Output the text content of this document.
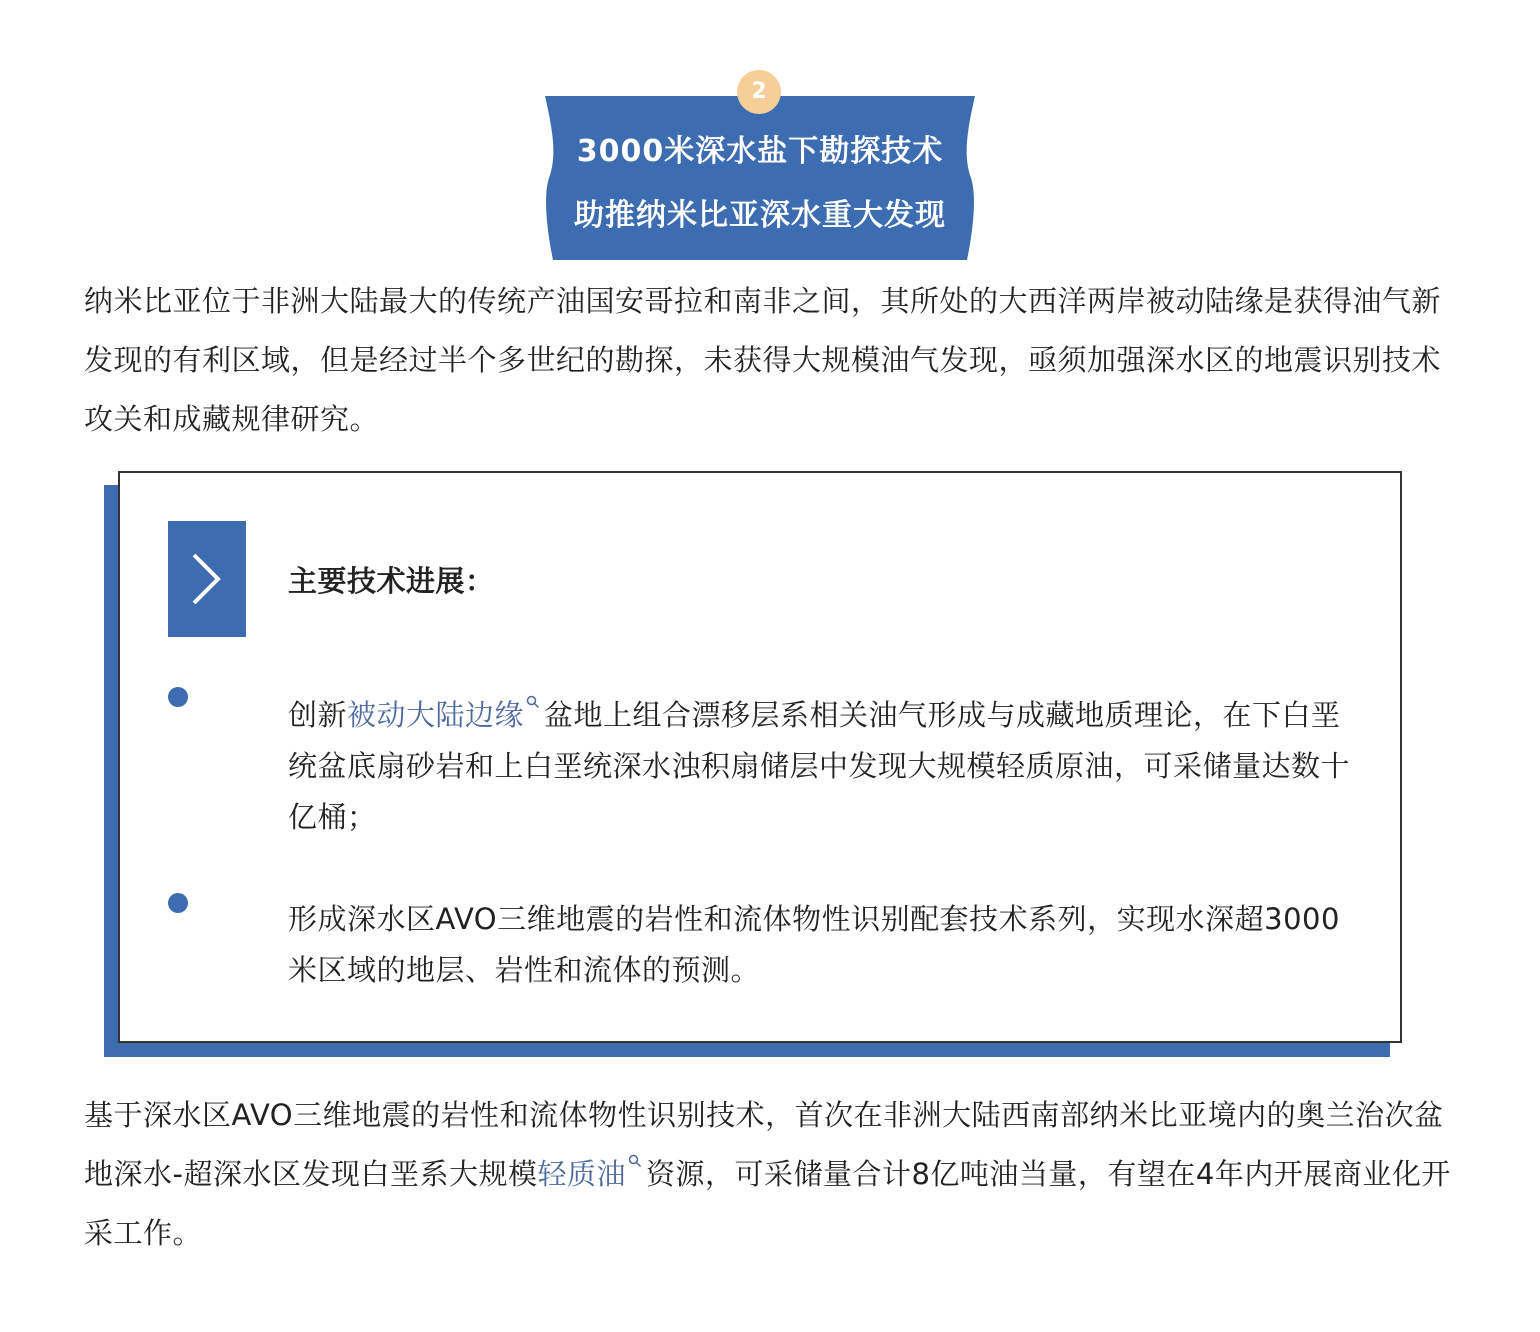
2
3000米深水盐下勘探技术
助推纳米比亚深水重大发现
纳米比亚位于非洲大陆最大的传统产油国安哥拉和南非之间，其所处的大西洋两岸被动陆缘是获得油气新发现的有利区域，但是经过半个多世纪的勘探，未获得大规模油气发现，亟须加强深水区的地震识别技术攻关和成藏规律研究。
主要技术进展：
创新被动大陆边缘 盆地上组合漂移层系相关油气形成与成藏地质理论，在下白垩统盆底扇砂岩和上白垩统深水浊积扇储层中发现大规模轻质原油，可采储量达数十亿桶；
形成深水区AVO三维地震的岩性和流体物性识别配套技术系列，实现水深超3000米区域的地层、岩性和流体的预测。
基于深水区AVO三维地震的岩性和流体物性识别技术，首次在非洲大陆西南部纳米比亚境内的奥兰治次盆地深水-超深水区发现白垩系大规模轻质油 资源，可采储量合计8亿吨油当量，有望在4年内开展商业化开采工作。
